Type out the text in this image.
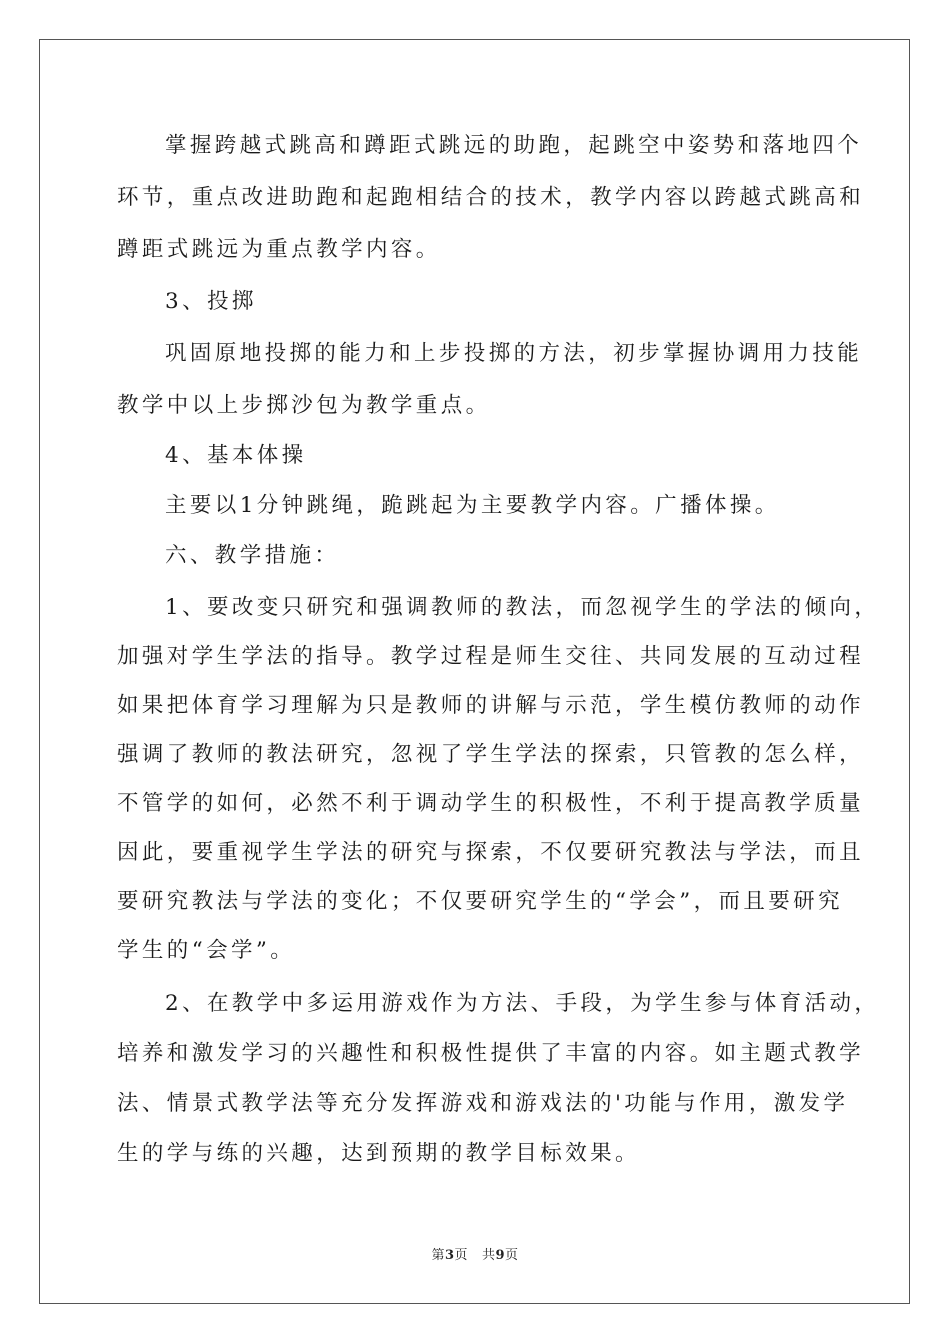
掌握跨越式跳高和蹲距式跳远的助跑，起跳空中姿势和落地四个
环节，重点改进助跑和起跑相结合的技术，教学内容以跨越式跳高和
蹲距式跳远为重点教学内容。
3、投掷
巩固原地投掷的能力和上步投掷的方法，初步掌握协调用力技能
教学中以上步掷沙包为教学重点。
4、基本体操
主要以1分钟跳绳，跪跳起为主要教学内容。广播体操。
六、教学措施：
1、要改变只研究和强调教师的教法，而忽视学生的学法的倾向，
加强对学生学法的指导。教学过程是师生交往、共同发展的互动过程
如果把体育学习理解为只是教师的讲解与示范，学生模仿教师的动作
强调了教师的教法研究，忽视了学生学法的探索，只管教的怎么样，
不管学的如何，必然不利于调动学生的积极性，不利于提高教学质量
因此，要重视学生学法的研究与探索，不仅要研究教法与学法，而且
要研究教法与学法的变化；不仅要研究学生的“学会”，而且要研究
学生的“会学”。
2、在教学中多运用游戏作为方法、手段，为学生参与体育活动，
培养和激发学习的兴趣性和积极性提供了丰富的内容。如主题式教学
法、情景式教学法等充分发挥游戏和游戏法的'功能与作用，激发学
生的学与练的兴趣，达到预期的教学目标效果。
第3页 共9页
